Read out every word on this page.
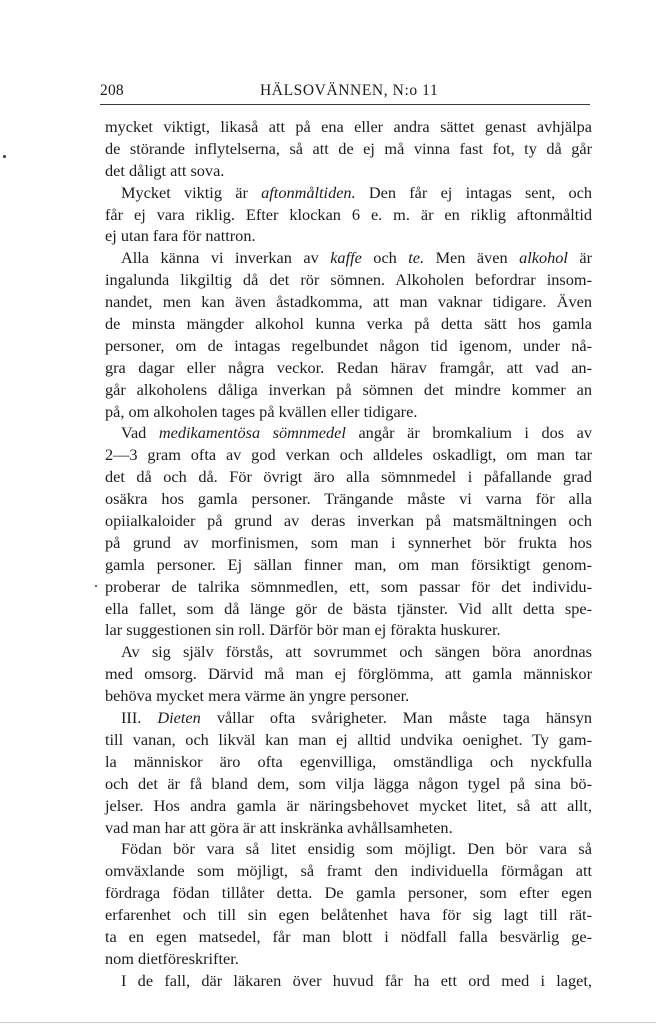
208	HÄLSOVÄNNEN, N:o 11
mycket viktigt, likaså att på ena eller andra sättet genast avhjälpa
de störande inflytelserna, så att de ej må vinna fast fot, ty då går
det dåligt att sova.
Mycket viktig är aftonmåltiden. Den får ej intagas sent, och
får ej vara riklig. Efter klockan 6 e. m. är en riklig aftonmåltid
ej utan fara för nattron.
Alla känna vi inverkan av kaffe och te. Men även alkohol är
ingalunda likgiltig då det rör sömnen. Alkoholen befordrar insom-
nandet, men kan även åstadkomma, att man vaknar tidigare. Även
de minsta mängder alkohol kunna verka på detta sätt hos gamla
personer, om de intagas regelbundet någon tid igenom, under nå-
gra dagar eller några veckor. Redan härav framgår, att vad an-
går alkoholens dåliga inverkan på sömnen det mindre kommer an
på, om alkoholen tages på kvällen eller tidigare.
Vad medikamentösa sömnmedel angår är bromkalium i dos av
2—3 gram ofta av god verkan och alldeles oskadligt, om man tar
det då och då. För övrigt äro alla sömnmedel i påfallande grad
osäkra hos gamla personer. Trängande måste vi varna för alla
opiialkaloider på grund av deras inverkan på matsmältningen och
på grund av morfinismen, som man i synnerhet bör frukta hos
gamla personer. Ej sällan finner man, om man försiktigt genom-
proberar de talrika sömnmedlen, ett, som passar för det individu-
ella fallet, som då länge gör de bästa tjänster. Vid allt detta spe-
lar suggestionen sin roll. Därför bör man ej förakta huskurer.
Av sig själv förstås, att sovrummet och sängen böra anordnas
med omsorg. Därvid må man ej förglömma, att gamla människor
behöva mycket mera värme än yngre personer.
III. Dieten vållar ofta svårigheter. Man måste taga hänsyn
till vanan, och likväl kan man ej alltid undvika oenighet. Ty gam-
la människor äro ofta egenvilliga, omständliga och nyckfulla
och det är få bland dem, som vilja lägga någon tygel på sina bö-
jelser. Hos andra gamla är näringsbehovet mycket litet, så att allt,
vad man har att göra är att inskränka avhållsamheten.
Födan bör vara så litet ensidig som möjligt. Den bör vara så
omväxlande som möjligt, så framt den individuella förmågan att
fördraga födan tillåter detta. De gamla personer, som efter egen
erfarenhet och till sin egen belåtenhet hava för sig lagt till rät-
ta en egen matsedel, får man blott i nödfall falla besvärlig ge-
nom dietföreskrifter.
I de fall, där läkaren över huvud får ha ett ord med i laget,
